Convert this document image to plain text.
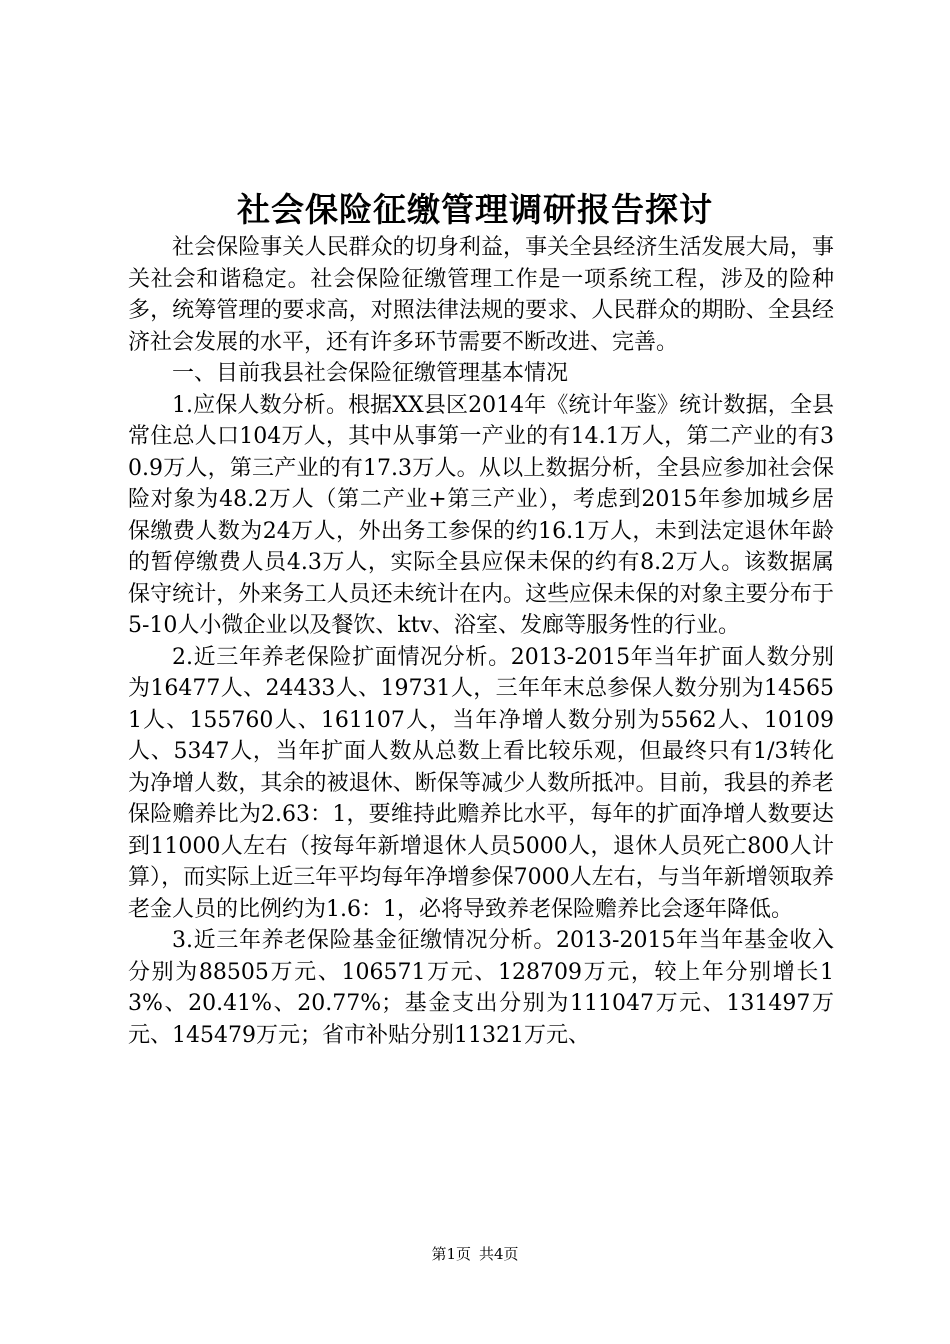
社会保险征缴管理调研报告探讨

社会保险事关人民群众的切身利益，事关全县经济生活发展大局，事关社会和谐稳定。社会保险征缴管理工作是一项系统工程，涉及的险种多，统筹管理的要求高，对照法律法规的要求、人民群众的期盼、全县经济社会发展的水平，还有许多环节需要不断改进、完善。

一、目前我县社会保险征缴管理基本情况

1.应保人数分析。根据XX县区2014年《统计年鉴》统计数据，全县常住总人口104万人，其中从事第一产业的有14.1万人，第二产业的有30.9万人，第三产业的有17.3万人。从以上数据分析，全县应参加社会保险对象为48.2万人（第二产业+第三产业），考虑到2015年参加城乡居保缴费人数为24万人，外出务工参保的约16.1万人，未到法定退休年龄的暂停缴费人员4.3万人，实际全县应保未保的约有8.2万人。该数据属保守统计，外来务工人员还未统计在内。这些应保未保的对象主要分布于5-10人小微企业以及餐饮、ktv、浴室、发廊等服务性的行业。

2.近三年养老保险扩面情况分析。2013-2015年当年扩面人数分别为16477人、24433人、19731人，三年年末总参保人数分别为145651人、155760人、161107人，当年净增人数分别为5562人、10109人、5347人，当年扩面人数从总数上看比较乐观，但最终只有1/3转化为净增人数，其余的被退休、断保等减少人数所抵冲。目前，我县的养老保险赡养比为2.63：1，要维持此赡养比水平，每年的扩面净增人数要达到11000人左右（按每年新增退休人员5000人，退休人员死亡800人计算），而实际上近三年平均每年净增参保7000人左右，与当年新增领取养老金人员的比例约为1.6：1，必将导致养老保险赡养比会逐年降低。

3.近三年养老保险基金征缴情况分析。2013-2015年当年基金收入分别为88505万元、106571万元、128709万元，较上年分别增长13%、20.41%、20.77%；基金支出分别为111047万元、131497万元、145479万元；省市补贴分别11321万元、

第1页 共4页
